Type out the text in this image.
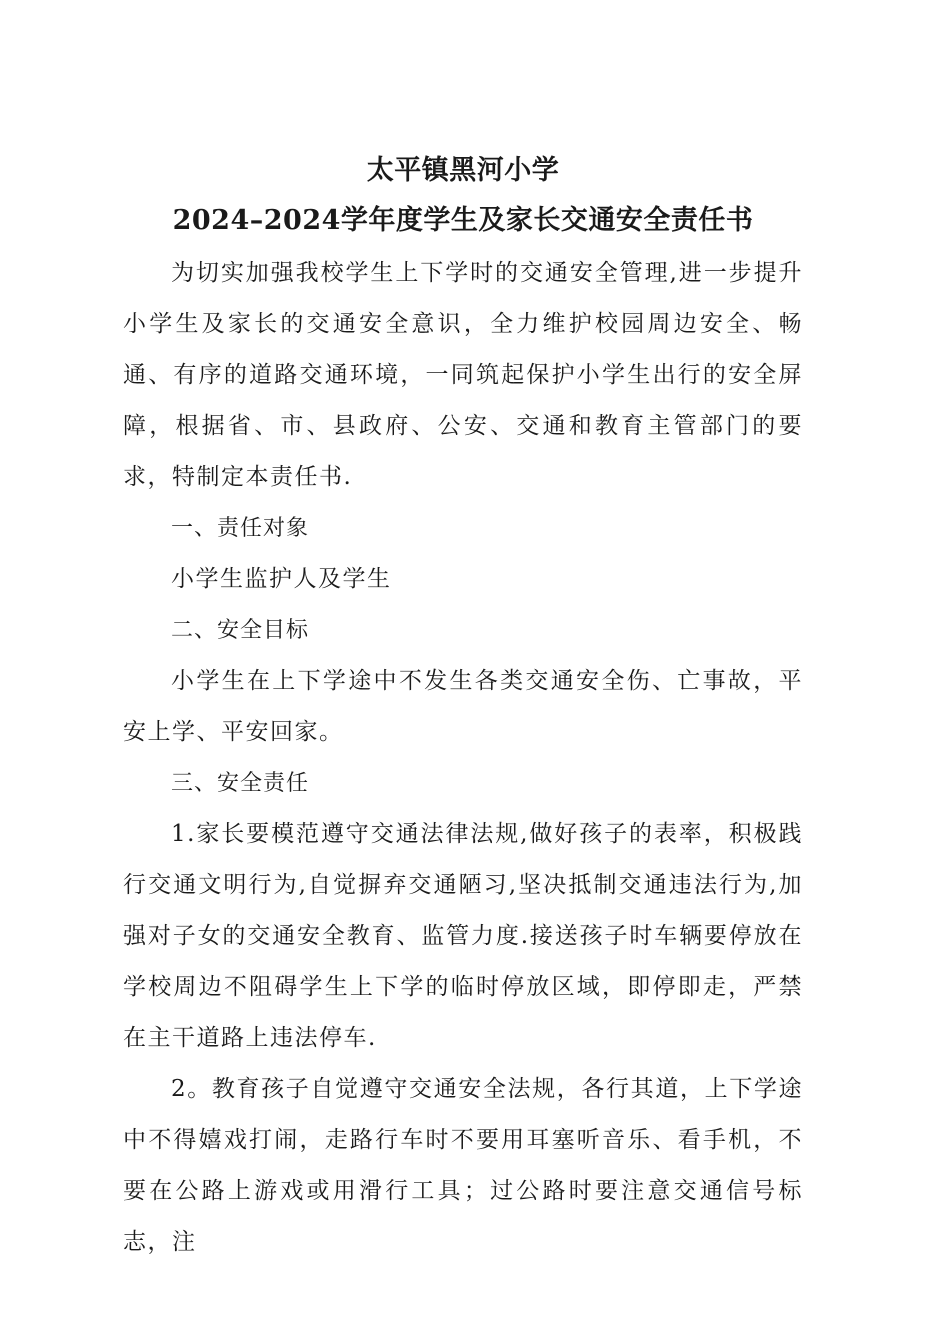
太平镇黑河小学

2024–2024学年度学生及家长交通安全责任书

为切实加强我校学生上下学时的交通安全管理,进一步提升小学生及家长的交通安全意识，全力维护校园周边安全、畅通、有序的道路交通环境，一同筑起保护小学生出行的安全屏障，根据省、市、县政府、公安、交通和教育主管部门的要求，特制定本责任书.

一、责任对象

小学生监护人及学生

二、安全目标

小学生在上下学途中不发生各类交通安全伤、亡事故，平安上学、平安回家。

三、安全责任

1.家长要模范遵守交通法律法规,做好孩子的表率，积极践行交通文明行为,自觉摒弃交通陋习,坚决抵制交通违法行为,加强对子女的交通安全教育、监管力度.接送孩子时车辆要停放在学校周边不阻碍学生上下学的临时停放区域，即停即走，严禁在主干道路上违法停车.

2。教育孩子自觉遵守交通安全法规，各行其道，上下学途中不得嬉戏打闹，走路行车时不要用耳塞听音乐、看手机，不要在公路上游戏或用滑行工具；过公路时要注意交通信号标志，注
